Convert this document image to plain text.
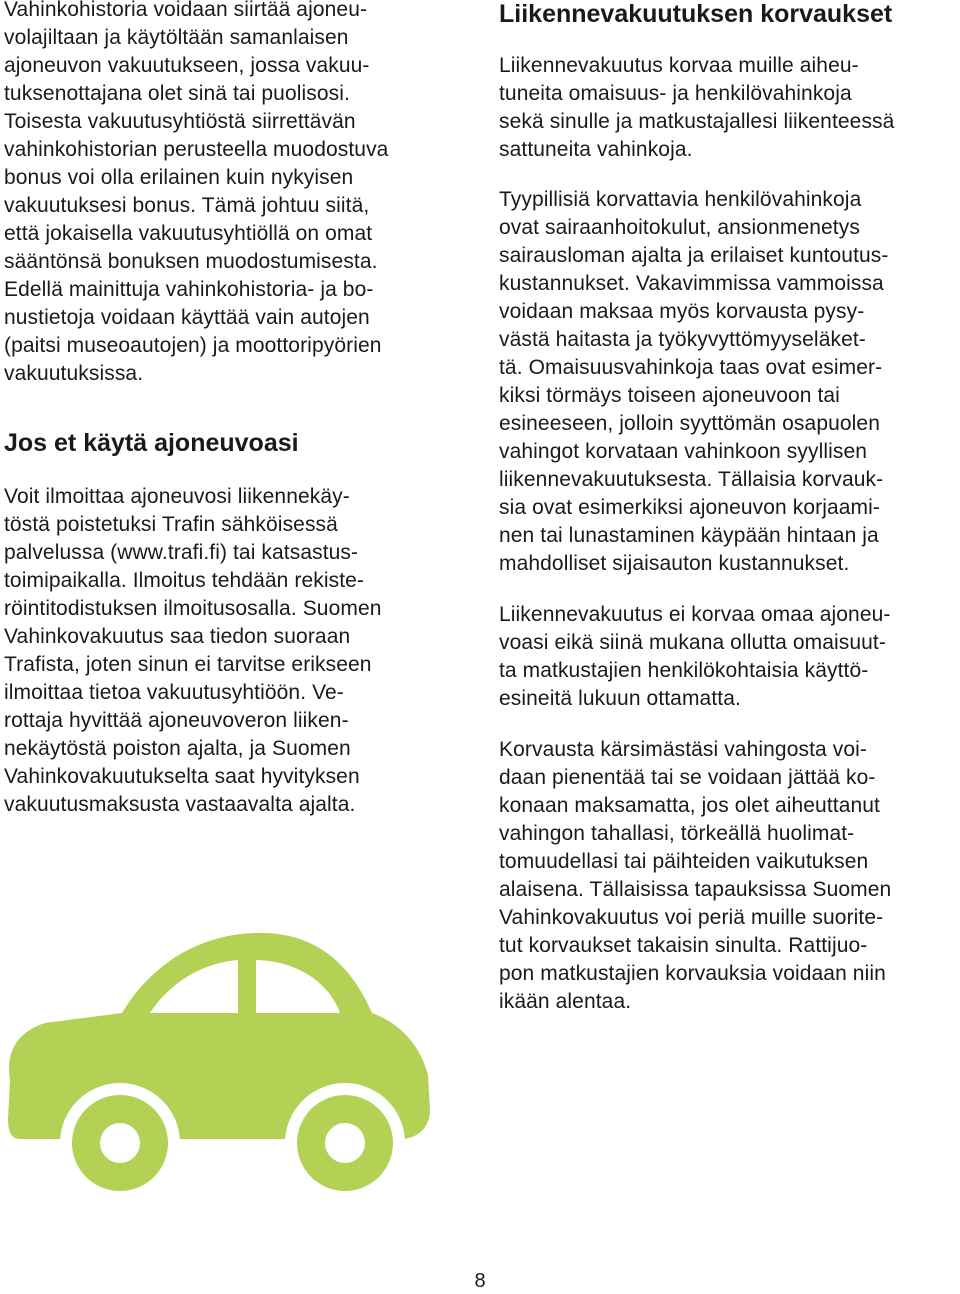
Vahinkohistoria voidaan siirtää ajoneu-
volajiltaan ja käytöltään samanlaisen
ajoneuvon vakuutukseen, jossa vakuu-
tuksenottajana olet sinä tai puolisosi.
Toisesta vakuutusyhtiöstä siirrettävän
vahinkohistorian perusteella muodostuva
bonus voi olla erilainen kuin nykyisen
vakuutuksesi bonus. Tämä johtuu siitä,
että jokaisella vakuutusyhtiöllä on omat
sääntönsä bonuksen muodostumisesta.
Edellä mainittuja vahinkohistoria- ja bo-
nustietoja voidaan käyttää vain autojen
(paitsi museoautojen) ja moottoripyörien
vakuutuksissa.
Jos et käytä ajoneuvoasi
Voit ilmoittaa ajoneuvosi liikennekäy-
töstä poistetuksi Trafin sähköisessä
palvelussa (www.trafi.fi) tai katsastus-
toimipaikalla. Ilmoitus tehdään rekiste-
röintitodistuksen ilmoitusosalla. Suomen
Vahinkovakuutus saa tiedon suoraan
Trafista, joten sinun ei tarvitse erikseen
ilmoittaa tietoa vakuutusyhtiöön. Ve-
rottaja hyvittää ajoneuvoveron liiken-
nekäytöstä poiston ajalta, ja Suomen
Vahinkovakuutukselta saat hyvityksen
vakuutusmaksusta vastaavalta ajalta.
Liikennevakuutuksen korvaukset
Liikennevakuutus korvaa muille aiheu-
tuneita omaisuus- ja henkilövahinkoja
sekä sinulle ja matkustajallesi liikenteessä
sattuneita vahinkoja.
Tyypillisiä korvattavia henkilövahinkoja
ovat sairaanhoitokulut, ansionmenetys
sairausloman ajalta ja erilaiset kuntoutus-
kustannukset. Vakavimmissa vammoissa
voidaan maksaa myös korvausta pysy-
västä haitasta ja työkyvyttömyyseläket-
tä. Omaisuusvahinkoja taas ovat esimer-
kiksi törmäys toiseen ajoneuvoon tai
esineeseen, jolloin syyttömän osapuolen
vahingot korvataan vahinkoon syyllisen
liikennevakuutuksesta. Tällaisia korvauk-
sia ovat esimerkiksi ajoneuvon korjaami-
nen tai lunastaminen käypään hintaan ja
mahdolliset sijaisauton kustannukset.
Liikennevakuutus ei korvaa omaa ajoneu-
voasi eikä siinä mukana ollutta omaisuut-
ta matkustajien henkilökohtaisia käyttö-
esineitä lukuun ottamatta.
Korvausta kärsimästäsi vahingosta voi-
daan pienentää tai se voidaan jättää ko-
konaan maksamatta, jos olet aiheuttanut
vahingon tahallasi, törkeällä huolimat-
tomuudellasi tai päihteiden vaikutuksen
alaisena. Tällaisissa tapauksissa Suomen
Vahinkovakuutus voi periä muille suorite-
tut korvaukset takaisin sinulta. Rattijuo-
pon matkustajien korvauksia voidaan niin
ikään alentaa.
8
